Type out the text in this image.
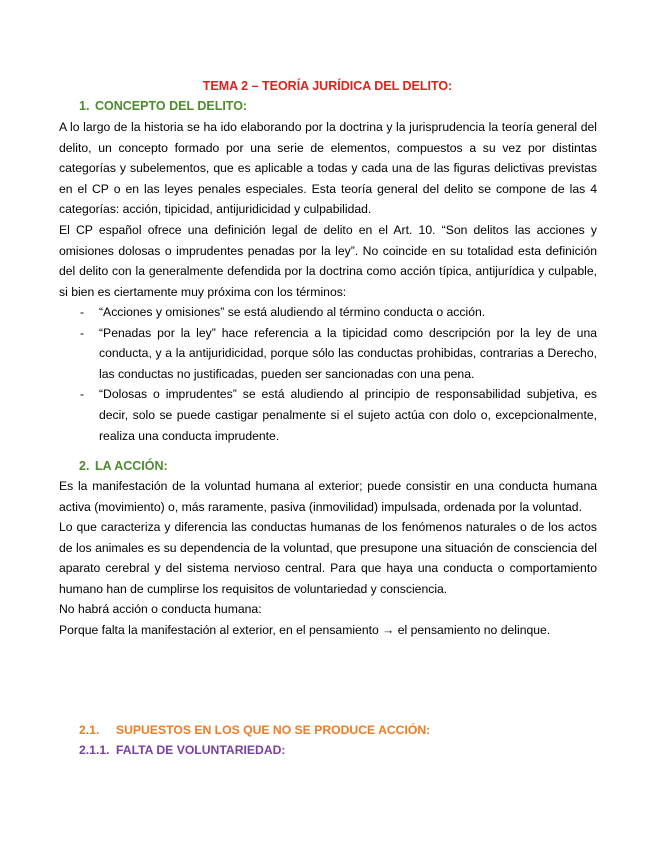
TEMA 2 – TEORÍA JURÍDICA DEL DELITO:
1. CONCEPTO DEL DELITO:
A lo largo de la historia se ha ido elaborando por la doctrina y la jurisprudencia la teoría general del delito, un concepto formado por una serie de elementos, compuestos a su vez por distintas categorías y subelementos, que es aplicable a todas y cada una de las figuras delictivas previstas en el CP o en las leyes penales especiales. Esta teoría general del delito se compone de las 4 categorías: acción, tipicidad, antijuridicidad y culpabilidad.
El CP español ofrece una definición legal de delito en el Art. 10. “Son delitos las acciones y omisiones dolosas o imprudentes penadas por la ley”. No coincide en su totalidad esta definición del delito con la generalmente defendida por la doctrina como acción típica, antijurídica y culpable, si bien es ciertamente muy próxima con los términos:
- “Acciones y omisiones” se está aludiendo al término conducta o acción.
- “Penadas por la ley” hace referencia a la tipicidad como descripción por la ley de una conducta, y a la antijuridicidad, porque sólo las conductas prohibidas, contrarias a Derecho, las conductas no justificadas, pueden ser sancionadas con una pena.
- “Dolosas o imprudentes” se está aludiendo al principio de responsabilidad subjetiva, es decir, solo se puede castigar penalmente si el sujeto actúa con dolo o, excepcionalmente, realiza una conducta imprudente.
2. LA ACCIÓN:
Es la manifestación de la voluntad humana al exterior; puede consistir en una conducta humana activa (movimiento) o, más raramente, pasiva (inmovilidad) impulsada, ordenada por la voluntad.
Lo que caracteriza y diferencia las conductas humanas de los fenómenos naturales o de los actos de los animales es su dependencia de la voluntad, que presupone una situación de consciencia del aparato cerebral y del sistema nervioso central. Para que haya una conducta o comportamiento humano han de cumplirse los requisitos de voluntariedad y consciencia.
No habrá acción o conducta humana:
Porque falta la manifestación al exterior, en el pensamiento → el pensamiento no delinque.
2.1. SUPUESTOS EN LOS QUE NO SE PRODUCE ACCIÓN:
2.1.1. FALTA DE VOLUNTARIEDAD:
